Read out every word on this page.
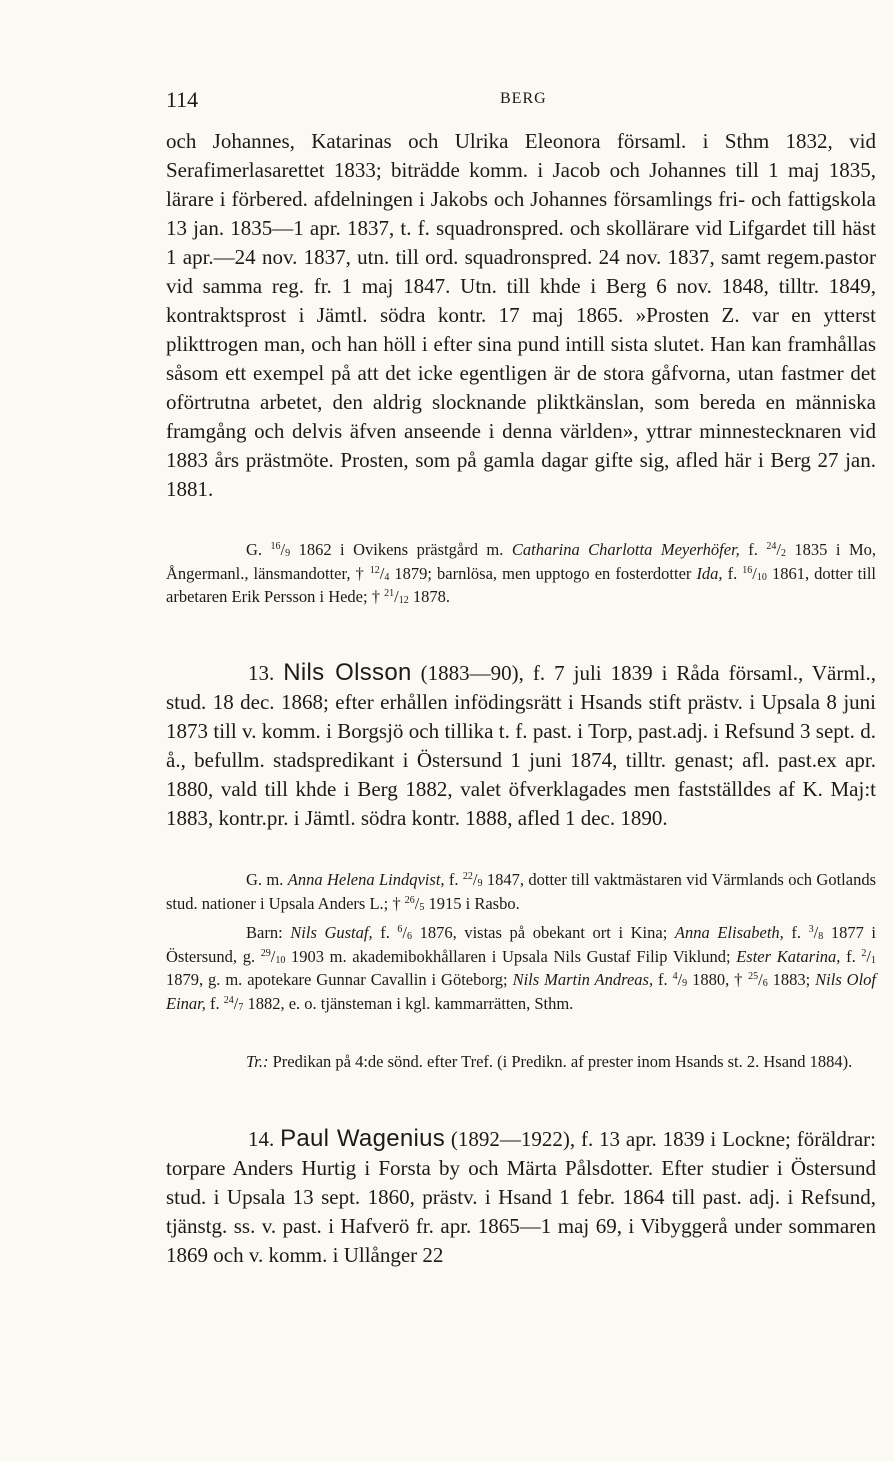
114	BERG

och Johannes, Katarinas och Ulrika Eleonora församl. i Sthm 1832, vid Serafimerlasarettet 1833; biträdde komm. i Jacob och Johannes till 1 maj 1835, lärare i förbered. afdelningen i Jakobs och Johannes församlings fri- och fattigskola 13 jan. 1835—1 apr. 1837, t. f. squadronspred. och skollärare vid Lifgardet till häst 1 apr.—24 nov. 1837, utn. till ord. squadronspred. 24 nov. 1837, samt regem.pastor vid samma reg. fr. 1 maj 1847. Utn. till khde i Berg 6 nov. 1848, tilltr. 1849, kontraktsprost i Jämtl. södra kontr. 17 maj 1865. »Prosten Z. var en ytterst plikttrogen man, och han höll i efter sina pund intill sista slutet. Han kan framhållas såsom ett exempel på att det icke egentligen är de stora gåfvorna, utan fastmer det oförtrutna arbetet, den aldrig slocknande pliktkänslan, som bereda en människa framgång och delvis äfven anseende i denna världen», yttrar minnestecknaren vid 1883 års prästmöte. Prosten, som på gamla dagar gifte sig, afled här i Berg 27 jan. 1881.

G. $^{16}/_9$ 1862 i Ovikens prästgård m. Catharina Charlotta Meyerhöfer, f. $^{24}/_2$ 1835 i Mo, Ångermanl., länsmandotter, † $^{12}/_4$ 1879; barnlösa, men upptogo en fosterdotter Ida, f. $^{16}/_{10}$ 1861, dotter till arbetaren Erik Persson i Hede; † $^{21}/_{12}$ 1878.

13. Nils Olsson (1883—90), f. 7 juli 1839 i Råda församl., Värml., stud. 18 dec. 1868; efter erhållen infödingsrätt i Hsands stift prästv. i Upsala 8 juni 1873 till v. komm. i Borgsjö och tillika t. f. past. i Torp, past.adj. i Refsund 3 sept. d. å., befullm. stadspredikant i Östersund 1 juni 1874, tilltr. genast; afl. past.ex apr. 1880, vald till khde i Berg 1882, valet öfverklagades men fastställdes af K. Maj:t 1883, kontr.pr. i Jämtl. södra kontr. 1888, afled 1 dec. 1890.

G. m. Anna Helena Lindqvist, f. $^{22}/_9$ 1847, dotter till vaktmästaren vid Värmlands och Gotlands stud. nationer i Upsala Anders L.; † $^{26}/_5$ 1915 i Rasbo.

Barn: Nils Gustaf, f. $^6/_6$ 1876, vistas på obekant ort i Kina; Anna Elisabeth, f. $^3/_8$ 1877 i Östersund, g. $^{29}/_{10}$ 1903 m. akademibokhållaren i Upsala Nils Gustaf Filip Viklund; Ester Katarina, f. $^2/_1$ 1879, g. m. apotekare Gunnar Cavallin i Göteborg; Nils Martin Andreas, f. $^4/_9$ 1880, † $^{25}/_6$ 1883; Nils Olof Einar, f. $^{24}/_7$ 1882, e. o. tjänsteman i kgl. kammarrätten, Sthm.

Tr.: Predikan på 4:de sönd. efter Tref. (i Predikn. af prester inom Hsands st. 2. Hsand 1884).

14. Paul Wagenius (1892—1922), f. 13 apr. 1839 i Lockne; föräldrar: torpare Anders Hurtig i Forsta by och Märta Pålsdotter. Efter studier i Östersund stud. i Upsala 13 sept. 1860, prästv. i Hsand 1 febr. 1864 till past. adj. i Refsund, tjänstg. ss. v. past. i Hafverö fr. apr. 1865—1 maj 69, i Vibyggerå under sommaren 1869 och v. komm. i Ullånger 22
